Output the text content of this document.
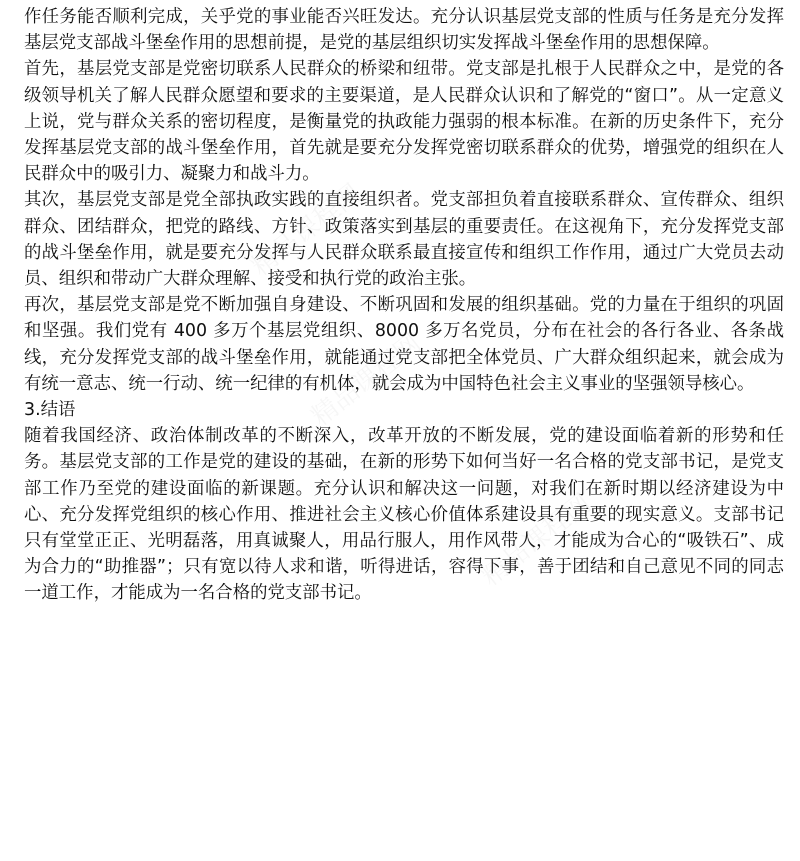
作任务能否顺利完成，关乎党的事业能否兴旺发达。充分认识基层党支部的性质与任务是充分发挥基层党支部战斗堡垒作用的思想前提，是党的基层组织切实发挥战斗堡垒作用的思想保障。

首先，基层党支部是党密切联系人民群众的桥梁和纽带。党支部是扎根于人民群众之中，是党的各级领导机关了解人民群众愿望和要求的主要渠道，是人民群众认识和了解党的“窗口”。从一定意义上说，党与群众关系的密切程度，是衡量党的执政能力强弱的根本标准。在新的历史条件下，充分发挥基层党支部的战斗堡垒作用，首先就是要充分发挥党密切联系群众的优势，增强党的组织在人民群众中的吸引力、凝聚力和战斗力。

其次，基层党支部是党全部执政实践的直接组织者。党支部担负着直接联系群众、宣传群众、组织群众、团结群众，把党的路线、方针、政策落实到基层的重要责任。在这视角下，充分发挥党支部的战斗堡垒作用，就是要充分发挥与人民群众联系最直接宣传和组织工作作用，通过广大党员去动员、组织和带动广大群众理解、接受和执行党的政治主张。

再次，基层党支部是党不断加强自身建设、不断巩固和发展的组织基础。党的力量在于组织的巩固和坚强。我们党有 400 多万个基层党组织、8000 多万名党员，分布在社会的各行各业、各条战线，充分发挥党支部的战斗堡垒作用，就能通过党支部把全体党员、广大群众组织起来，就会成为有统一意志、统一行动、统一纪律的有机体，就会成为中国特色社会主义事业的坚强领导核心。

3.结语

随着我国经济、政治体制改革的不断深入，改革开放的不断发展，党的建设面临着新的形势和任务。基层党支部的工作是党的建设的基础，在新的形势下如何当好一名合格的党支部书记，是党支部工作乃至党的建设面临的新课题。充分认识和解决这一问题，对我们在新时期以经济建设为中心、充分发挥党组织的核心作用、推进社会主义核心价值体系建设具有重要的现实意义。支部书记只有堂堂正正、光明磊落，用真诚聚人，用品行服人，用作风带人，才能成为合心的“吸铁石”、成为合力的“助推器”；只有宽以待人求和谐，听得进话，容得下事，善于团结和自己意见不同的同志一道工作，才能成为一名合格的党支部书记。
